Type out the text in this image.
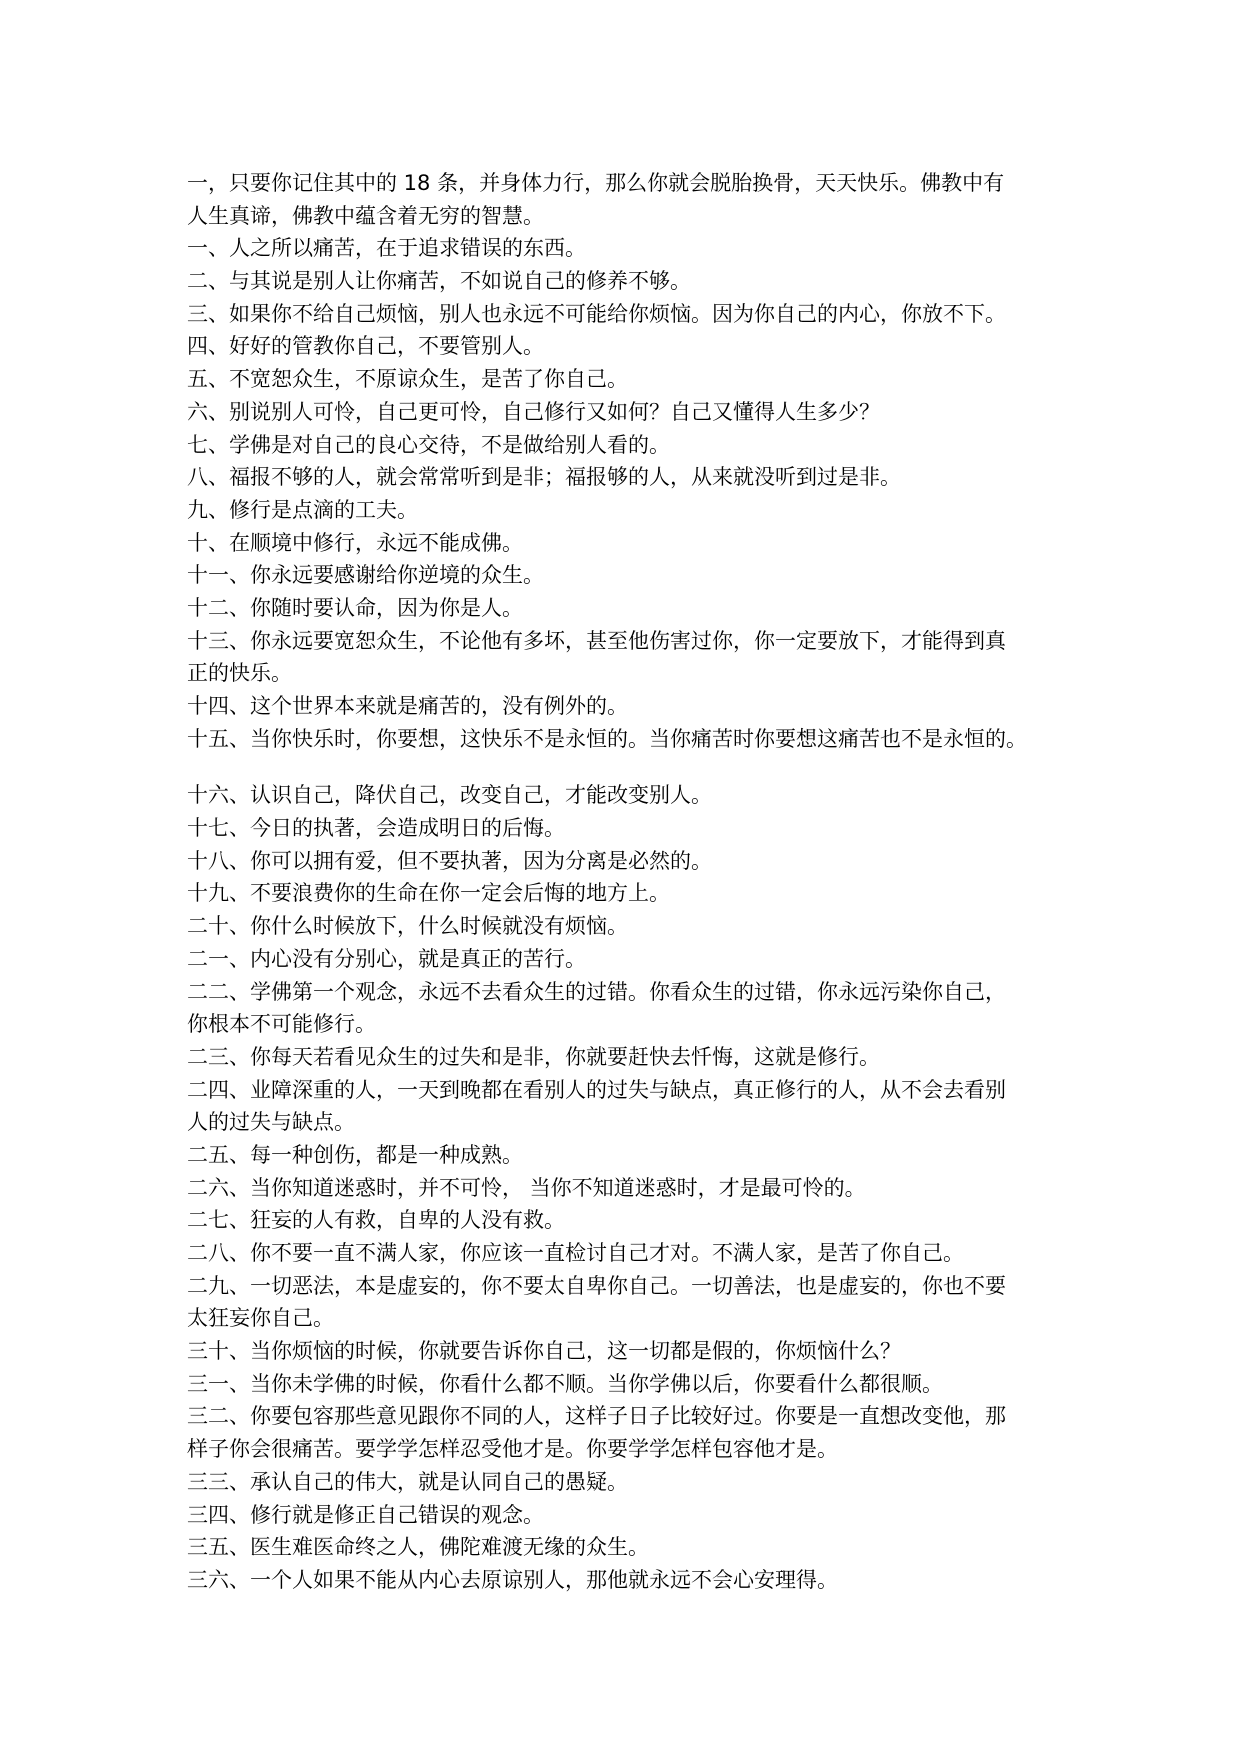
一，只要你记住其中的 18 条，并身体力行，那么你就会脱胎换骨，天天快乐。佛教中有

人生真谛，佛教中蕴含着无穷的智慧。

一、人之所以痛苦，在于追求错误的东西。

二、与其说是别人让你痛苦，不如说自己的修养不够。

三、如果你不给自己烦恼，别人也永远不可能给你烦恼。因为你自己的内心，你放不下。

四、好好的管教你自己，不要管别人。

五、不宽恕众生，不原谅众生，是苦了你自己。

六、别说别人可怜，自己更可怜，自己修行又如何？自己又懂得人生多少？

七、学佛是对自己的良心交待，不是做给别人看的。

八、福报不够的人，就会常常听到是非；福报够的人，从来就没听到过是非。

九、修行是点滴的工夫。

十、在顺境中修行，永远不能成佛。

十一、你永远要感谢给你逆境的众生。

十二、你随时要认命，因为你是人。

十三、你永远要宽恕众生，不论他有多坏，甚至他伤害过你，你一定要放下，才能得到真

正的快乐。

十四、这个世界本来就是痛苦的，没有例外的。

十五、当你快乐时，你要想，这快乐不是永恒的。当你痛苦时你要想这痛苦也不是永恒的。

十六、认识自己，降伏自己，改变自己，才能改变别人。

十七、今日的执著，会造成明日的后悔。

十八、你可以拥有爱，但不要执著，因为分离是必然的。

十九、不要浪费你的生命在你一定会后悔的地方上。

二十、你什么时候放下，什么时候就没有烦恼。

二一、内心没有分别心，就是真正的苦行。

二二、学佛第一个观念，永远不去看众生的过错。你看众生的过错，你永远污染你自己，

你根本不可能修行。

二三、你每天若看见众生的过失和是非，你就要赶快去忏悔，这就是修行。

二四、业障深重的人，一天到晚都在看别人的过失与缺点，真正修行的人，从不会去看别

人的过失与缺点。

二五、每一种创伤，都是一种成熟。

二六、当你知道迷惑时，并不可怜， 当你不知道迷惑时，才是最可怜的。

二七、狂妄的人有救，自卑的人没有救。

二八、你不要一直不满人家，你应该一直检讨自己才对。不满人家，是苦了你自己。

二九、一切恶法，本是虚妄的，你不要太自卑你自己。一切善法，也是虚妄的，你也不要

太狂妄你自己。

三十、当你烦恼的时候，你就要告诉你自己，这一切都是假的，你烦恼什么？

三一、当你未学佛的时候，你看什么都不顺。当你学佛以后，你要看什么都很顺。

三二、你要包容那些意见跟你不同的人，这样子日子比较好过。你要是一直想改变他，那

样子你会很痛苦。要学学怎样忍受他才是。你要学学怎样包容他才是。

三三、承认自己的伟大，就是认同自己的愚疑。

三四、修行就是修正自己错误的观念。

三五、医生难医命终之人，佛陀难渡无缘的众生。

三六、一个人如果不能从内心去原谅别人，那他就永远不会心安理得。
